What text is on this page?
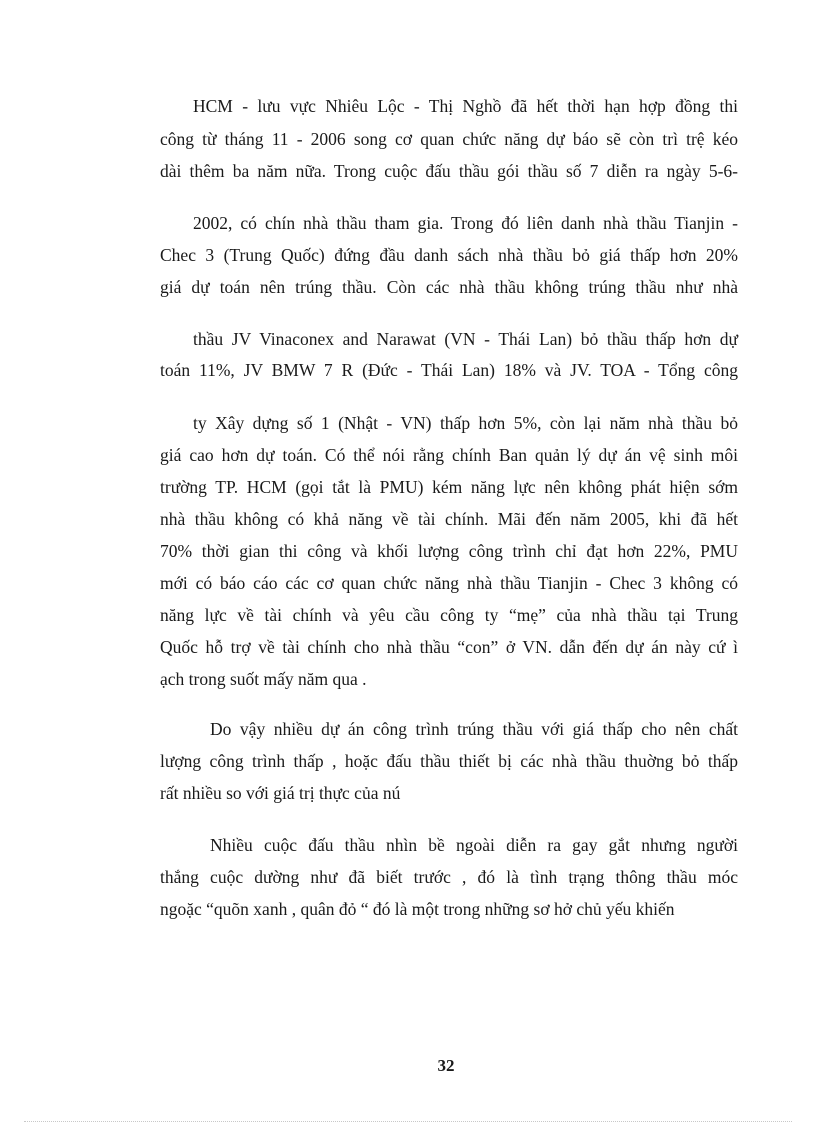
HCM - lưu vực Nhiêu Lộc - Thị Nghồ đã hết thời hạn hợp đồng thi
công từ tháng 11 - 2006 song cơ quan chức năng dự báo sẽ còn trì trệ kéo
dài thêm ba năm nữa. Trong cuộc đấu thầu gói thầu số 7 diễn ra ngày 5-6-
2002, có chín nhà thầu tham gia. Trong đó liên danh nhà thầu Tianjin -
Chec 3 (Trung Quốc) đứng đầu danh sách nhà thầu bỏ giá thấp hơn 20%
giá dự toán nên trúng thầu. Còn các nhà thầu không trúng thầu như nhà
thầu JV Vinaconex and Narawat (VN - Thái Lan) bỏ thầu thấp hơn dự
toán 11%, JV BMW 7 R (Đức - Thái Lan) 18% và JV. TOA - Tổng công
ty Xây dựng số 1 (Nhật - VN) thấp hơn 5%, còn lại năm nhà thầu bỏ
giá cao hơn dự toán. Có thể nói rằng chính Ban quản lý dự án vệ sinh môi
trường TP. HCM (gọi tắt là PMU) kém năng lực nên không phát hiện sớm
nhà thầu không có khả năng về tài chính. Mãi đến năm 2005, khi đã hết
70% thời gian thi công và khối lượng công trình chỉ đạt hơn 22%, PMU
mới có báo cáo các cơ quan chức năng nhà thầu Tianjin - Chec 3 không có
năng lực về tài chính và yêu cầu công ty “mẹ” của nhà thầu tại Trung
Quốc hỗ trợ về tài chính cho nhà thầu “con” ở VN. dẫn đến dự án này cứ ì
ạch trong suốt mấy năm qua .
Do vậy nhiều dự án công trình trúng thầu với giá thấp cho nên chất
lượng công trình thấp , hoặc đấu thầu thiết bị các nhà thầu thuờng bỏ thấp
rất nhiều so với giá trị thực của nú
Nhiều cuộc đấu thầu nhìn bề ngoài diễn ra gay gắt nhưng người
thắng cuộc dường như đã biết trước , đó là tình trạng thông thầu móc
ngoặc “quõn xanh , quân đỏ “ đó là một trong những sơ hở chủ yếu khiến
32
